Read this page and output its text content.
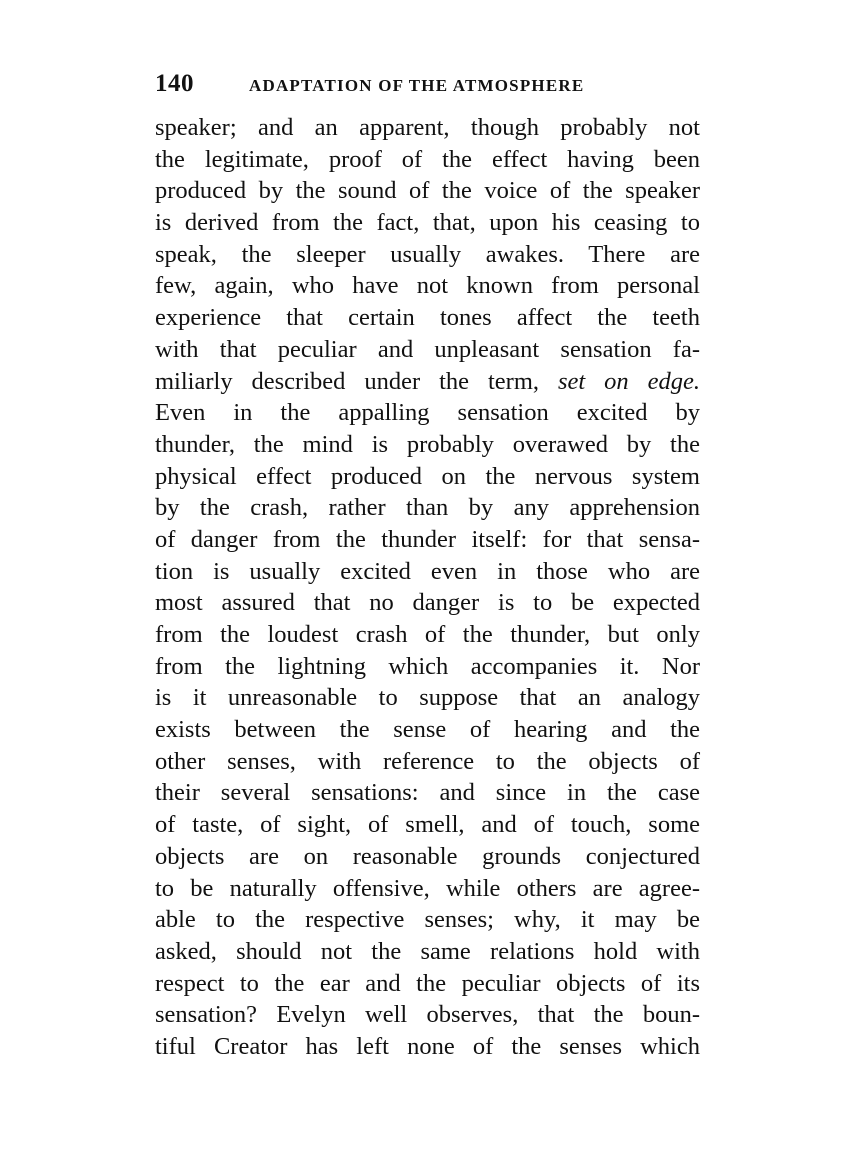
140	ADAPTATION OF THE ATMOSPHERE
speaker; and an apparent, though probably not
the legitimate, proof of the effect having been
produced by the sound of the voice of the speaker
is derived from the fact, that, upon his ceasing to
speak, the sleeper usually awakes. There are
few, again, who have not known from personal
experience that certain tones affect the teeth
with that peculiar and unpleasant sensation fa-
miliarly described under the term, set on edge.
Even in the appalling sensation excited by
thunder, the mind is probably overawed by the
physical effect produced on the nervous system
by the crash, rather than by any apprehension
of danger from the thunder itself: for that sensa-
tion is usually excited even in those who are
most assured that no danger is to be expected
from the loudest crash of the thunder, but only
from the lightning which accompanies it. Nor
is it unreasonable to suppose that an analogy
exists between the sense of hearing and the
other senses, with reference to the objects of
their several sensations: and since in the case
of taste, of sight, of smell, and of touch, some
objects are on reasonable grounds conjectured
to be naturally offensive, while others are agree-
able to the respective senses; why, it may be
asked, should not the same relations hold with
respect to the ear and the peculiar objects of its
sensation? Evelyn well observes, that the boun-
tiful Creator has left none of the senses which
